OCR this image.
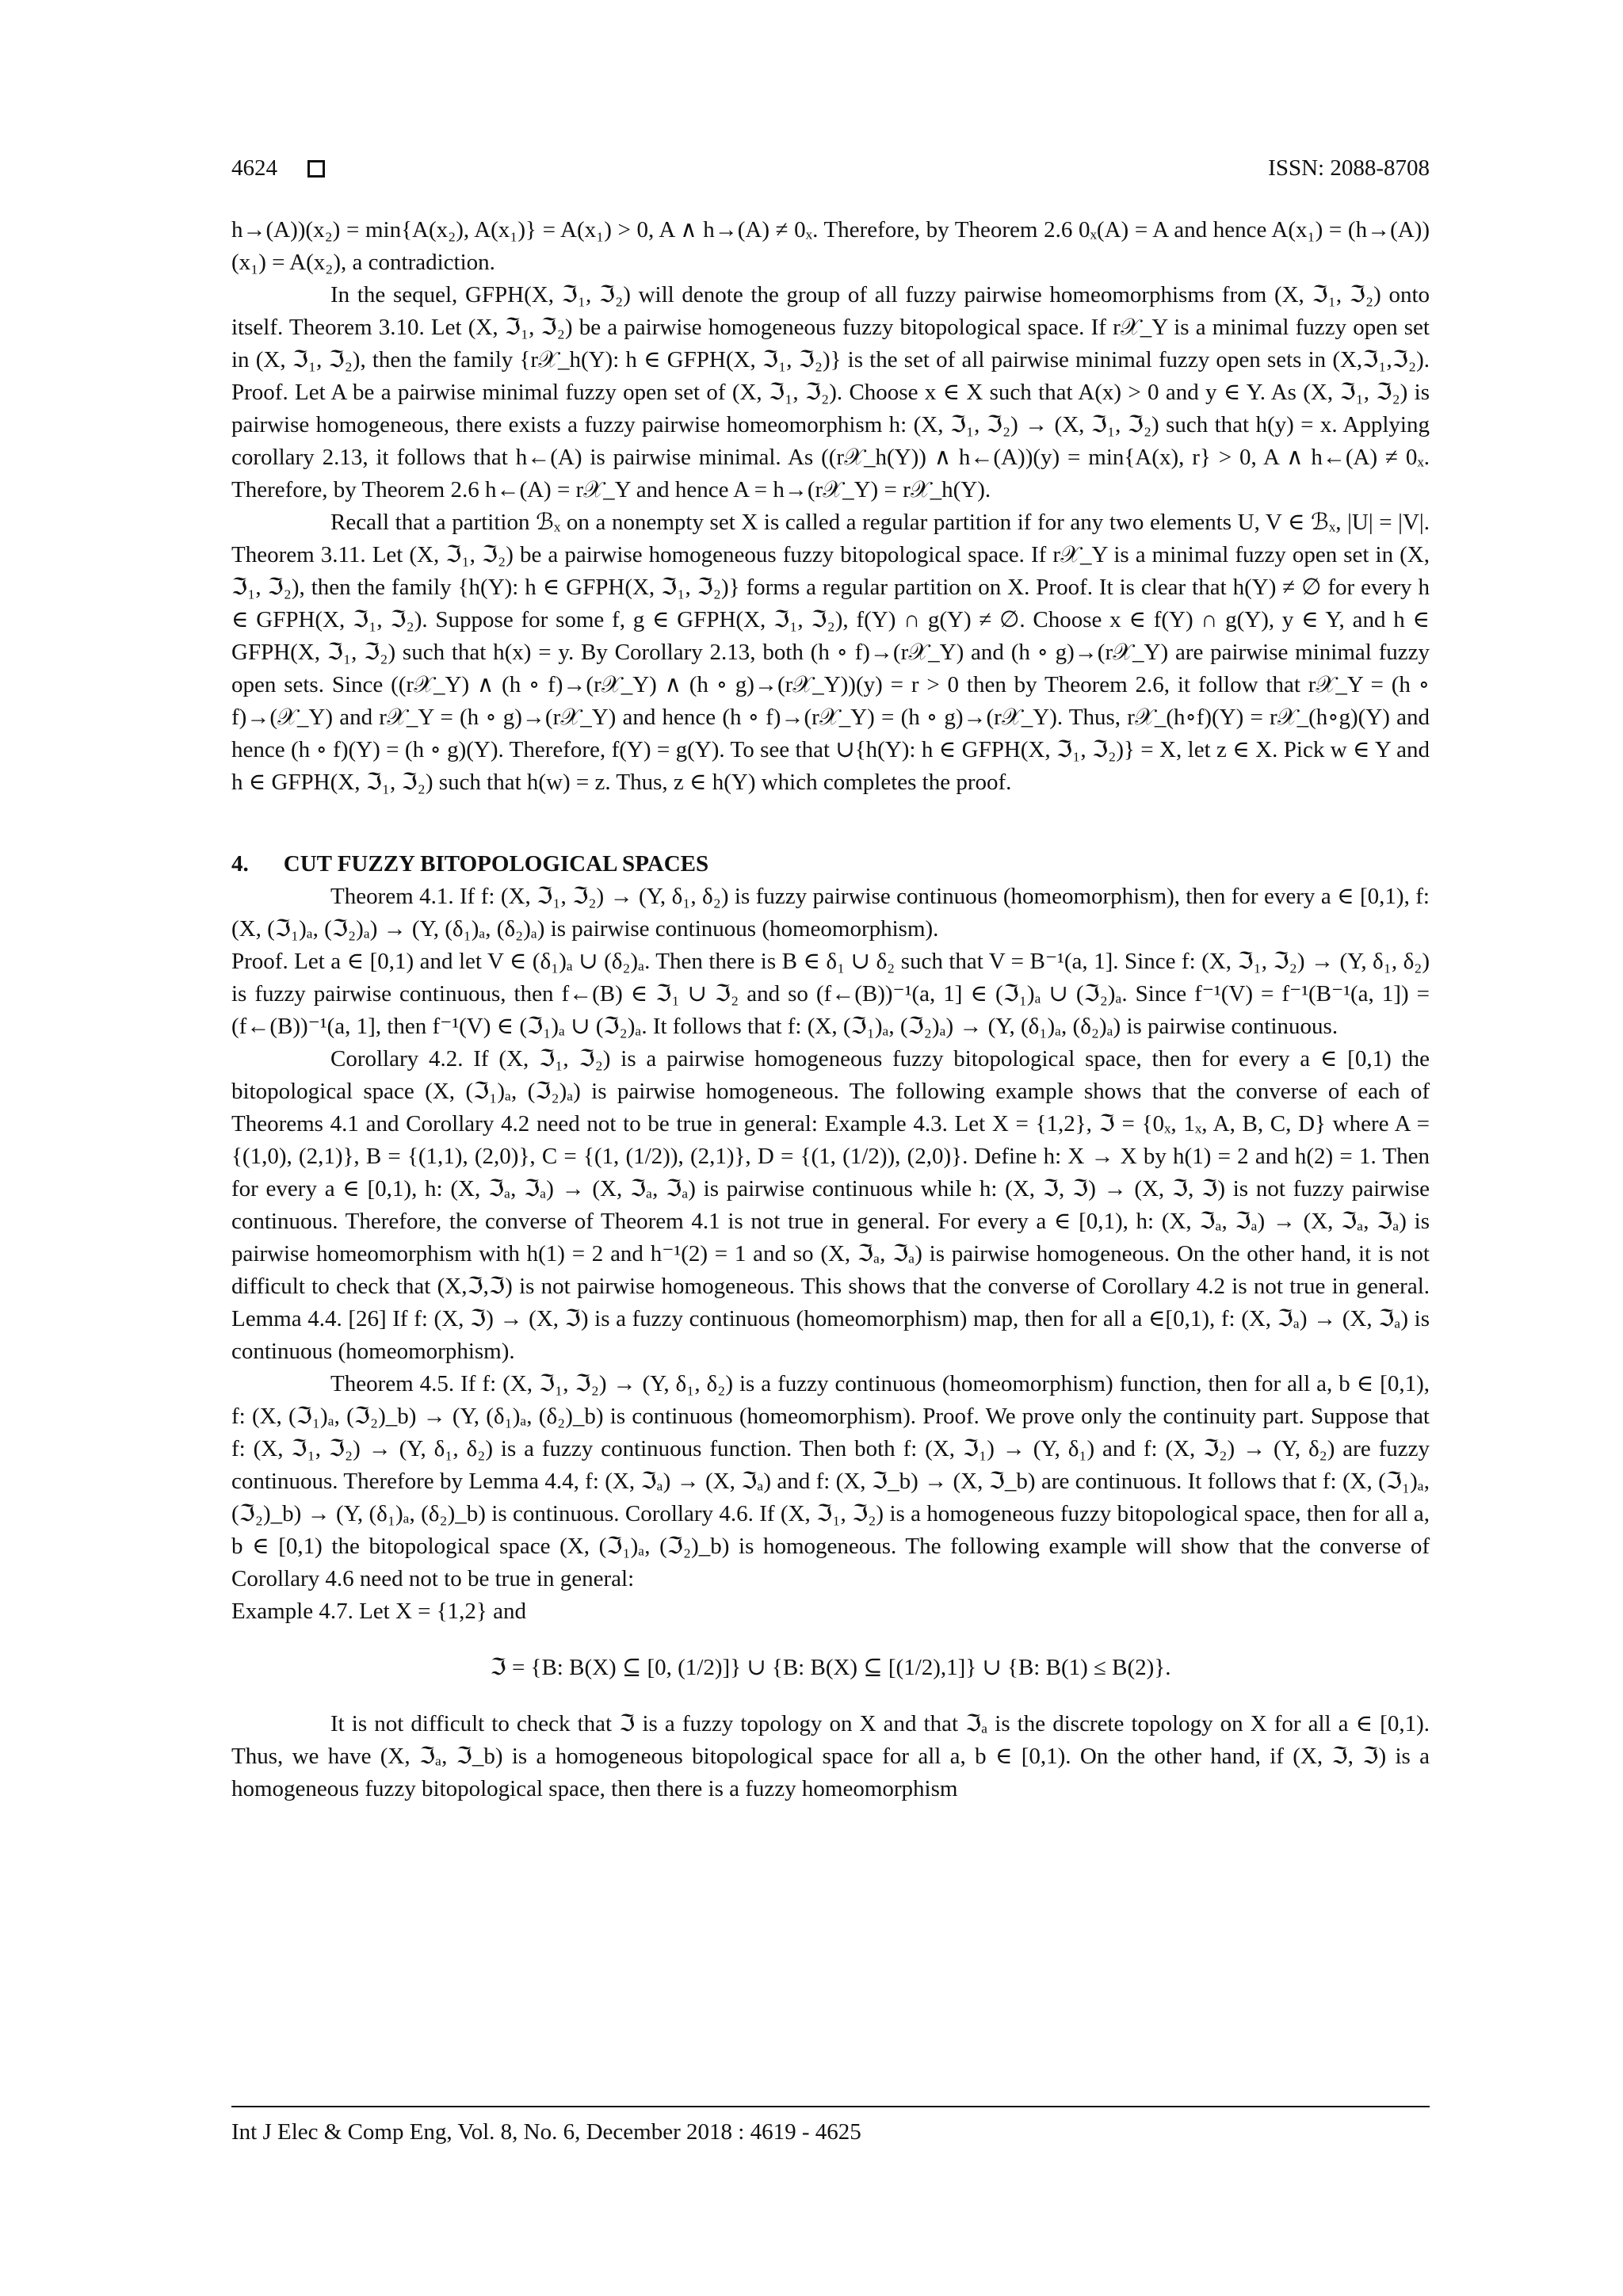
4624	ISSN: 2088-8708

h→(A))(x₂) = min{A(x₂), A(x₁)} = A(x₁) > 0, A ∧ h→(A) ≠ 0ₓ. Therefore, by Theorem 2.6 0ₓ(A) = A and hence A(x₁) = (h→(A))(x₁) = A(x₂), a contradiction.

In the sequel, GFPH(X, ℑ₁, ℑ₂) will denote the group of all fuzzy pairwise homeomorphisms from (X, ℑ₁, ℑ₂) onto itself. Theorem 3.10. Let (X, ℑ₁, ℑ₂) be a pairwise homogeneous fuzzy bitopological space. If r𝒳_Y is a minimal fuzzy open set in (X, ℑ₁, ℑ₂), then the family {r𝒳_h(Y): h ∈ GFPH(X, ℑ₁, ℑ₂)} is the set of all pairwise minimal fuzzy open sets in (X,ℑ₁,ℑ₂). Proof. Let A be a pairwise minimal fuzzy open set of (X, ℑ₁, ℑ₂). Choose x ∈ X such that A(x) > 0 and y ∈ Y. As (X, ℑ₁, ℑ₂) is pairwise homogeneous, there exists a fuzzy pairwise homeomorphism h: (X, ℑ₁, ℑ₂) → (X, ℑ₁, ℑ₂) such that h(y) = x. Applying corollary 2.13, it follows that h←(A) is pairwise minimal. As ((r𝒳_h(Y)) ∧ h←(A))(y) = min{A(x), r} > 0, A ∧ h←(A) ≠ 0ₓ. Therefore, by Theorem 2.6 h←(A) = r𝒳_Y and hence A = h→(r𝒳_Y) = r𝒳_h(Y).

Recall that a partition ℬₓ on a nonempty set X is called a regular partition if for any two elements U, V ∈ ℬₓ, |U| = |V|. Theorem 3.11. Let (X, ℑ₁, ℑ₂) be a pairwise homogeneous fuzzy bitopological space. If r𝒳_Y is a minimal fuzzy open set in (X, ℑ₁, ℑ₂), then the family {h(Y): h ∈ GFPH(X, ℑ₁, ℑ₂)} forms a regular partition on X. Proof. It is clear that h(Y) ≠ ∅ for every h ∈ GFPH(X, ℑ₁, ℑ₂). Suppose for some f, g ∈ GFPH(X, ℑ₁, ℑ₂), f(Y) ∩ g(Y) ≠ ∅. Choose x ∈ f(Y) ∩ g(Y), y ∈ Y, and h ∈ GFPH(X, ℑ₁, ℑ₂) such that h(x) = y. By Corollary 2.13, both (h ∘ f)→(r𝒳_Y) and (h ∘ g)→(r𝒳_Y) are pairwise minimal fuzzy open sets. Since ((r𝒳_Y) ∧ (h ∘ f)→(r𝒳_Y) ∧ (h ∘ g)→(r𝒳_Y))(y) = r > 0 then by Theorem 2.6, it follow that r𝒳_Y = (h ∘ f)→(𝒳_Y) and r𝒳_Y = (h ∘ g)→(r𝒳_Y) and hence (h ∘ f)→(r𝒳_Y) = (h ∘ g)→(r𝒳_Y). Thus, r𝒳_(h∘f)(Y) = r𝒳_(h∘g)(Y) and hence (h ∘ f)(Y) = (h ∘ g)(Y). Therefore, f(Y) = g(Y). To see that ∪{h(Y): h ∈ GFPH(X, ℑ₁, ℑ₂)} = X, let z ∈ X. Pick w ∈ Y and h ∈ GFPH(X, ℑ₁, ℑ₂) such that h(w) = z. Thus, z ∈ h(Y) which completes the proof.

4. CUT FUZZY BITOPOLOGICAL SPACES

Theorem 4.1. If f: (X, ℑ₁, ℑ₂) → (Y, δ₁, δ₂) is fuzzy pairwise continuous (homeomorphism), then for every a ∈ [0,1), f: (X, (ℑ₁)ₐ, (ℑ₂)ₐ) → (Y, (δ₁)ₐ, (δ₂)ₐ) is pairwise continuous (homeomorphism).

Proof. Let a ∈ [0,1) and let V ∈ (δ₁)ₐ ∪ (δ₂)ₐ. Then there is B ∈ δ₁ ∪ δ₂ such that V = B⁻¹(a, 1]. Since f: (X, ℑ₁, ℑ₂) → (Y, δ₁, δ₂) is fuzzy pairwise continuous, then f←(B) ∈ ℑ₁ ∪ ℑ₂ and so (f←(B))⁻¹(a, 1] ∈ (ℑ₁)ₐ ∪ (ℑ₂)ₐ. Since f⁻¹(V) = f⁻¹(B⁻¹(a, 1]) = (f←(B))⁻¹(a, 1], then f⁻¹(V) ∈ (ℑ₁)ₐ ∪ (ℑ₂)ₐ. It follows that f: (X, (ℑ₁)ₐ, (ℑ₂)ₐ) → (Y, (δ₁)ₐ, (δ₂)ₐ) is pairwise continuous.

Corollary 4.2. If (X, ℑ₁, ℑ₂) is a pairwise homogeneous fuzzy bitopological space, then for every a ∈ [0,1) the bitopological space (X, (ℑ₁)ₐ, (ℑ₂)ₐ) is pairwise homogeneous. The following example shows that the converse of each of Theorems 4.1 and Corollary 4.2 need not to be true in general: Example 4.3. Let X = {1,2}, ℑ = {0ₓ, 1ₓ, A, B, C, D} where A = {(1,0), (2,1)}, B = {(1,1), (2,0)}, C = {(1, (1/2)), (2,1)}, D = {(1, (1/2)), (2,0)}. Define h: X → X by h(1) = 2 and h(2) = 1. Then for every a ∈ [0,1), h: (X, ℑₐ, ℑₐ) → (X, ℑₐ, ℑₐ) is pairwise continuous while h: (X, ℑ, ℑ) → (X, ℑ, ℑ) is not fuzzy pairwise continuous. Therefore, the converse of Theorem 4.1 is not true in general. For every a ∈ [0,1), h: (X, ℑₐ, ℑₐ) → (X, ℑₐ, ℑₐ) is pairwise homeomorphism with h(1) = 2 and h⁻¹(2) = 1 and so (X, ℑₐ, ℑₐ) is pairwise homogeneous. On the other hand, it is not difficult to check that (X,ℑ,ℑ) is not pairwise homogeneous. This shows that the converse of Corollary 4.2 is not true in general. Lemma 4.4. [26] If f: (X, ℑ) → (X, ℑ) is a fuzzy continuous (homeomorphism) map, then for all a ∈[0,1), f: (X, ℑₐ) → (X, ℑₐ) is continuous (homeomorphism).

Theorem 4.5. If f: (X, ℑ₁, ℑ₂) → (Y, δ₁, δ₂) is a fuzzy continuous (homeomorphism) function, then for all a, b ∈ [0,1), f: (X, (ℑ₁)ₐ, (ℑ₂)_b) → (Y, (δ₁)ₐ, (δ₂)_b) is continuous (homeomorphism). Proof. We prove only the continuity part. Suppose that f: (X, ℑ₁, ℑ₂) → (Y, δ₁, δ₂) is a fuzzy continuous function. Then both f: (X, ℑ₁) → (Y, δ₁) and f: (X, ℑ₂) → (Y, δ₂) are fuzzy continuous. Therefore by Lemma 4.4, f: (X, ℑₐ) → (X, ℑₐ) and f: (X, ℑ_b) → (X, ℑ_b) are continuous. It follows that f: (X, (ℑ₁)ₐ, (ℑ₂)_b) → (Y, (δ₁)ₐ, (δ₂)_b) is continuous. Corollary 4.6. If (X, ℑ₁, ℑ₂) is a homogeneous fuzzy bitopological space, then for all a, b ∈ [0,1) the bitopological space (X, (ℑ₁)ₐ, (ℑ₂)_b) is homogeneous. The following example will show that the converse of Corollary 4.6 need not to be true in general:

Example 4.7. Let X = {1,2} and

ℑ = {B: B(X) ⊆ [0, (1/2)]} ∪ {B: B(X) ⊆ [(1/2),1]} ∪ {B: B(1) ≤ B(2)}.

It is not difficult to check that ℑ is a fuzzy topology on X and that ℑₐ is the discrete topology on X for all a ∈ [0,1). Thus, we have (X, ℑₐ, ℑ_b) is a homogeneous bitopological space for all a, b ∈ [0,1). On the other hand, if (X, ℑ, ℑ) is a homogeneous fuzzy bitopological space, then there is a fuzzy homeomorphism

Int J Elec & Comp Eng, Vol. 8, No. 6, December 2018 : 4619 - 4625
